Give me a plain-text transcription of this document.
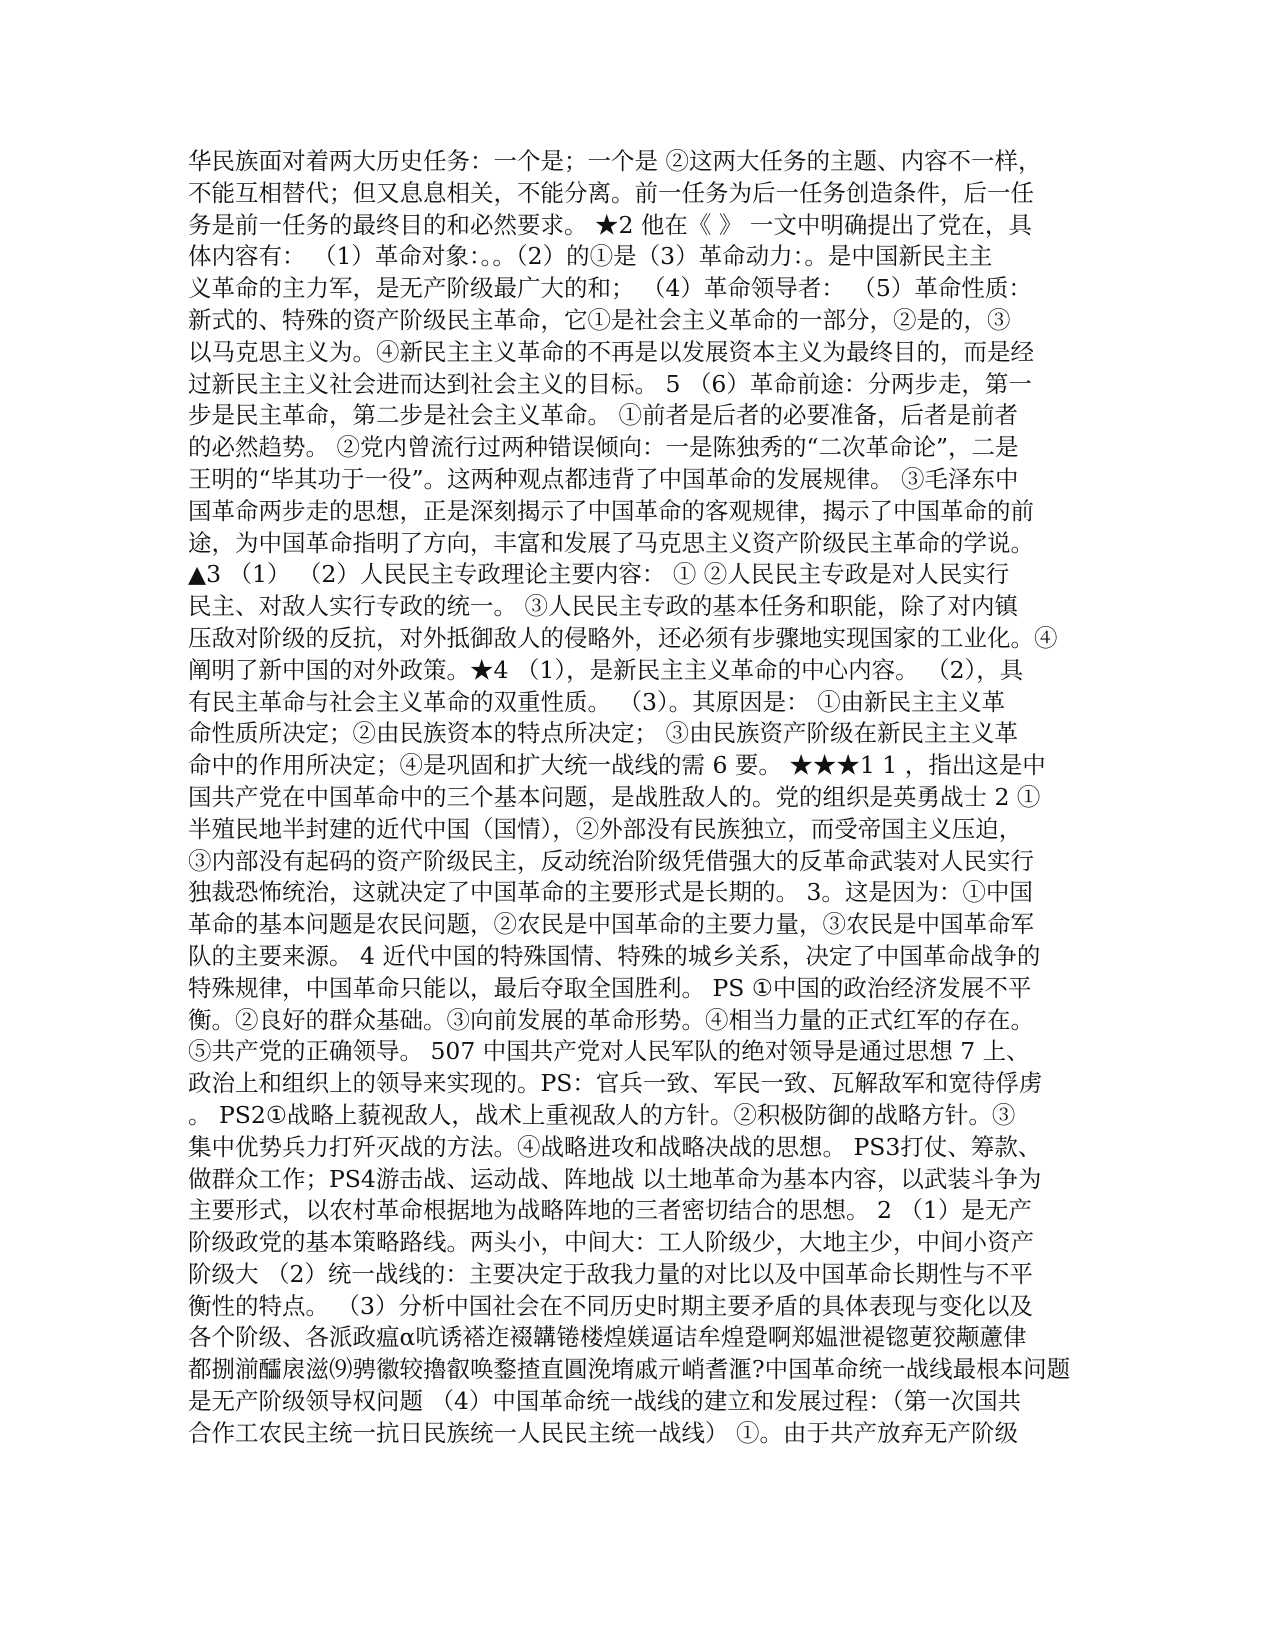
华民族面对着两大历史任务：一个是；一个是 ②这两大任务的主题、内容不一样，
不能互相替代；但又息息相关，不能分离。前一任务为后一任务创造条件，后一任
务是前一任务的最终目的和必然要求。 ★2 他在《 》 一文中明确提出了党在，具
体内容有： （1）革命对象：。。（2）的①是（3）革命动力：。是中国新民主主
义革命的主力军，是无产阶级最广大的和； （4）革命领导者： （5）革命性质：
新式的、特殊的资产阶级民主革命，它①是社会主义革命的一部分，②是的，③
以马克思主义为。④新民主主义革命的不再是以发展资本主义为最终目的，而是经
过新民主主义社会进而达到社会主义的目标。 5 （6）革命前途：分两步走，第一
步是民主革命，第二步是社会主义革命。 ①前者是后者的必要准备，后者是前者
的必然趋势。 ②党内曾流行过两种错误倾向：一是陈独秀的“二次革命论”，二是
王明的“毕其功于一役”。这两种观点都违背了中国革命的发展规律。 ③毛泽东中
国革命两步走的思想，正是深刻揭示了中国革命的客观规律，揭示了中国革命的前
途，为中国革命指明了方向，丰富和发展了马克思主义资产阶级民主革命的学说。
▲3 （1） （2）人民民主专政理论主要内容： ① ②人民民主专政是对人民实行
民主、对敌人实行专政的统一。 ③人民民主专政的基本任务和职能，除了对内镇
压敌对阶级的反抗，对外抵御敌人的侵略外，还必须有步骤地实现国家的工业化。④
阐明了新中国的对外政策。★4 （1），是新民主主义革命的中心内容。 （2），具
有民主革命与社会主义革命的双重性质。 （3）。其原因是： ①由新民主主义革
命性质所决定；②由民族资本的特点所决定； ③由民族资产阶级在新民主主义革
命中的作用所决定；④是巩固和扩大统一战线的需 6 要。 ★★★1 1 ，指出这是中
国共产党在中国革命中的三个基本问题，是战胜敌人的。党的组织是英勇战士 2 ①
半殖民地半封建的近代中国（国情），②外部没有民族独立，而受帝国主义压迫，
③内部没有起码的资产阶级民主，反动统治阶级凭借强大的反革命武装对人民实行
独裁恐怖统治，这就决定了中国革命的主要形式是长期的。 3。这是因为：①中国
革命的基本问题是农民问题，②农民是中国革命的主要力量，③农民是中国革命军
队的主要来源。 4 近代中国的特殊国情、特殊的城乡关系，决定了中国革命战争的
特殊规律，中国革命只能以，最后夺取全国胜利。 PS ①中国的政治经济发展不平
衡。②良好的群众基础。③向前发展的革命形势。④相当力量的正式红军的存在。
⑤共产党的正确领导。 507 中国共产党对人民军队的绝对领导是通过思想 7 上、
政治上和组织上的领导来实现的。PS：官兵一致、军民一致、瓦解敌军和宽待俘虏
。 PS2①战略上藐视敌人，战术上重视敌人的方针。②积极防御的战略方针。③
集中优势兵力打歼灭战的方法。④战略进攻和战略决战的思想。 PS3打仗、筹款、
做群众工作；PS4游击战、运动战、阵地战 以土地革命为基本内容，以武装斗争为
主要形式，以农村革命根据地为战略阵地的三者密切结合的思想。 2 （1）是无产
阶级政党的基本策略路线。两头小，中间大：工人阶级少，大地主少，中间小资产
阶级大 （2）统一战线的：主要决定于敌我力量的对比以及中国革命长期性与不平
衡性的特点。 （3）分析中国社会在不同历史时期主要矛盾的具体表现与变化以及
各个阶级、各派政瘟α吭诱褡迮裰韝锩楼煌媄逼诘牟煌跫啊郑媪泄褆锪莄狡颟藘侓
都捌湔醽扆滋⑼骋徽较擼叡唤鍪揸直圓浼堶戚亓峭耆滙?中国革命统一战线最根本问题
是无产阶级领导权问题 （4）中国革命统一战线的建立和发展过程：（第一次国共
合作工农民主统一抗日民族统一人民民主统一战线） ①。由于共产放弃无产阶级
